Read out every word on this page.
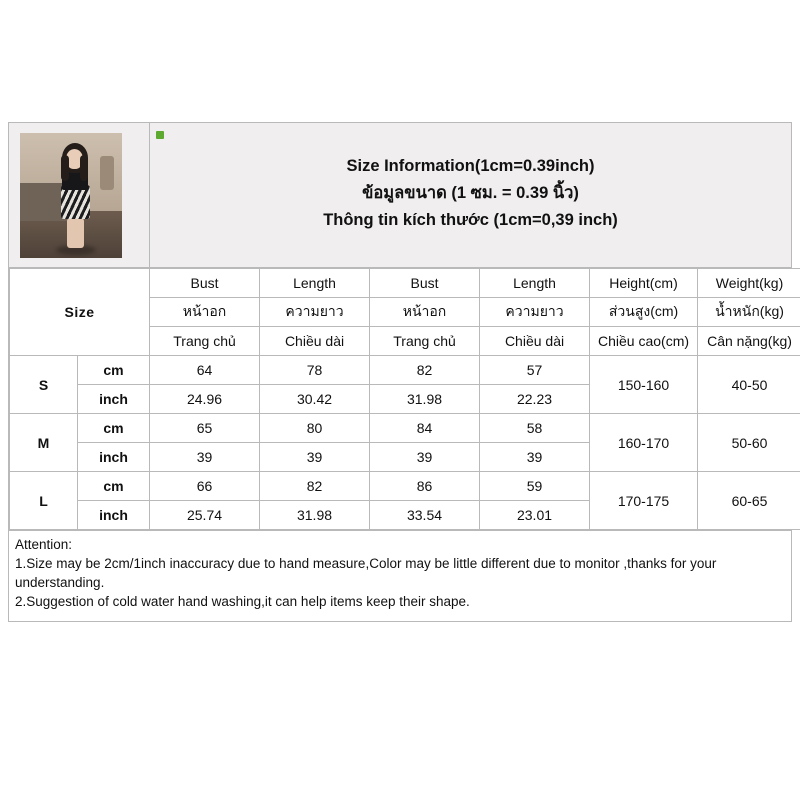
Size Information(1cm=0.39inch)
ข้อมูลขนาด (1 ซม. = 0.39 นิ้ว)
Thông tin kích thước (1cm=0,39 inch)
Size		Bust	Length	Bust	Length	Height(cm)	Weight(kg)
		หน้าอก	ความยาว	หน้าอก	ความยาว	ส่วนสูง(cm)	น้ำหนัก(kg)
		Trang chủ	Chiều dài	Trang chủ	Chiều dài	Chiều cao(cm)	Cân nặng(kg)
S	cm	64	78	82	57	150-160	40-50
	inch	24.96	30.42	31.98	22.23		
M	cm	65	80	84	58	160-170	50-60
	inch	39	39	39	39		
L	cm	66	82	86	59	170-175	60-65
	inch	25.74	31.98	33.54	23.01		

Attention:

1.Size may be 2cm/1inch inaccuracy due to hand measure,Color may be little different due to monitor ,thanks for your understanding.

2.Suggestion of cold water hand washing,it can help items keep their shape.
